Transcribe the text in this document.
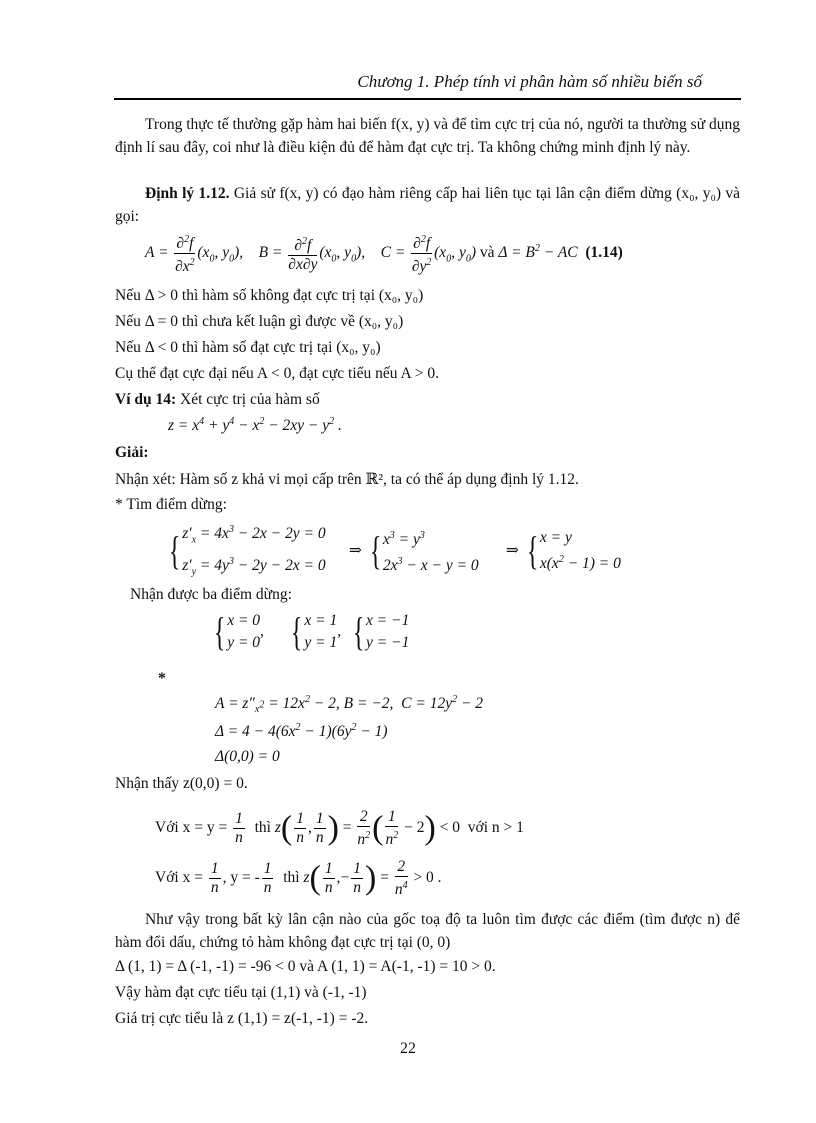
Chương 1. Phép tính vi phân hàm số nhiều biến số
Trong thực tế thường gặp hàm hai biến f(x, y) và để tìm cực trị của nó, người ta thường sử dụng định lí sau đây, coi như là điều kiện đủ để hàm đạt cực trị. Ta không chứng minh định lý này.
Định lý 1.12. Giả sử f(x, y) có đạo hàm riêng cấp hai liên tục tại lân cận điểm dừng (x₀, y₀) và gọi:
$A = \frac{\partial^2f}{\partial x^2} (x_0$, $y_0$),    $B = \frac{\partial^2f}{\partial x\partial y} (x_0$, $y_0$),    $C = \frac{\partial^2f}{\partial y^2} (x_0$, $y_0$) và $\Delta = B^2$ − AC  (1.14)
Nếu Δ > 0 thì hàm số không đạt cực trị tại (x₀, y₀)
Nếu Δ = 0 thì chưa kết luận gì được về (x₀, y₀)
Nếu Δ < 0 thì hàm số đạt cực trị tại (x₀, y₀)
Cụ thể đạt cực đại nếu A < 0, đạt cực tiểu nếu A > 0.
Ví dụ 14: Xét cực trị của hàm số
$z = x^4 + y^4 - x^2 - 2xy - y^2$ .
Giải:
Nhận xét: Hàm số z khả vi mọi cấp trên ℝ², ta có thể áp dụng định lý 1.12.
* Tìm điểm dừng:
{ $z'_x = 4x^3 - 2x - 2y = 0$
$z'_y = 4y^3 - 2y - 2x = 0$      ⇒ { $x^3 = y^3$
$2x^3 - x - y = 0$       ⇒ { x = y
$x(x^2 - 1) = 0$
Nhận được ba điểm dừng:
{ x = 0
y = 0,      { x = 1
y = 1,  { x = −1
y = −1
*
$A = z''_{x^2} = 12x^2 - 2$, B = −2,  $C = 12y^2 - 2$
$\Delta = 4 - 4(6x^2 - 1)(6y^2 - 1)$
Δ(0,0) = 0
Nhận thấy z(0,0) = 0.
Với $x = y = \frac{1}{n}$ thì $z( \frac{1}{n}$ , $\frac{1}{n}$ ) = $\frac{2}{n^2}$ ( $\frac{1}{n^2} - 2) < 0$  với n > 1
Với $x = \frac{1}{n}$ , y = - $\frac{1}{n}$ thì $z( \frac{1}{n}$ ,− $\frac{1}{n}$ ) = $\frac{2}{n^4} > 0$ .
Như vậy trong bất kỳ lân cận nào của gốc toạ độ ta luôn tìm được các điểm (tìm được n) để hàm đổi dấu, chứng tỏ hàm không đạt cực trị tại (0, 0)
Δ (1, 1) = Δ (-1, -1) = -96 < 0 và A (1, 1) = A(-1, -1) = 10 > 0.
Vậy hàm đạt cực tiểu tại (1,1) và (-1, -1)
Giá trị cực tiểu là z (1,1) = z(-1, -1) = -2.
22
